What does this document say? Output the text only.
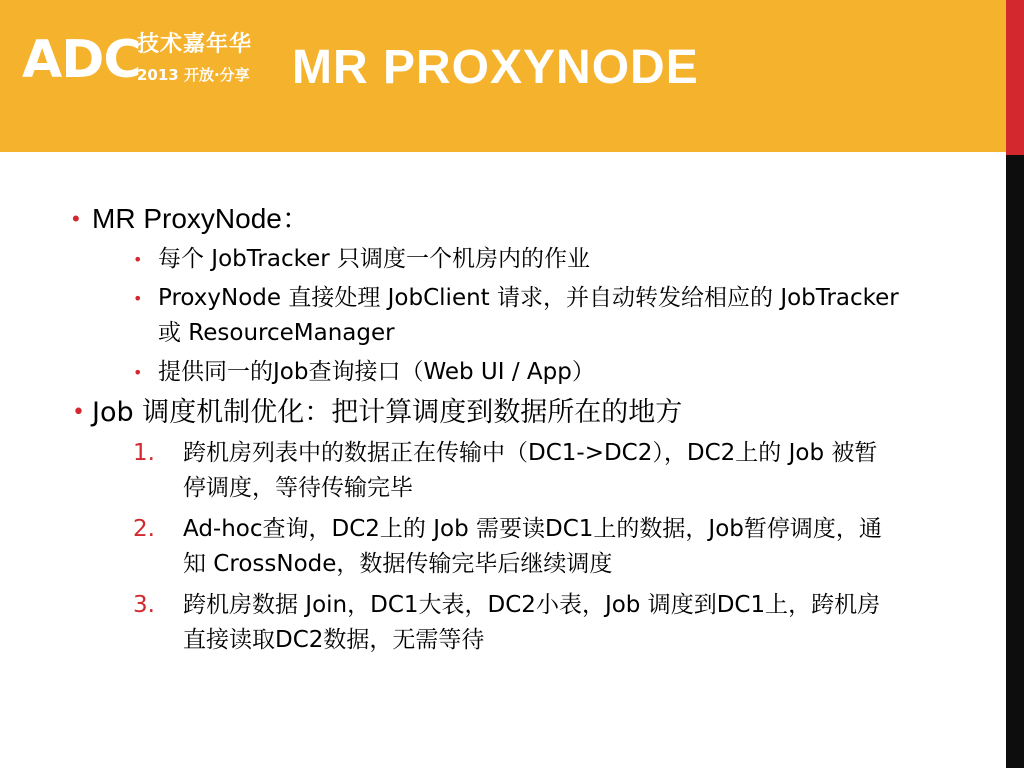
ADC
技术嘉年华
2013 开放·分享 MR PROXYNODE
• MR ProxyNode：
• 每个 JobTracker 只调度一个机房内的作业
• ProxyNode 直接处理 JobClient 请求，并自动转发给相应的 JobTracker 或 ResourceManager
• 提供同一的Job查询接口（Web UI / App）
• Job 调度机制优化：把计算调度到数据所在的地方
1. 跨机房列表中的数据正在传输中（DC1->DC2），DC2上的 Job 被暂停调度，等待传输完毕
2. Ad-hoc查询，DC2上的 Job 需要读DC1上的数据，Job暂停调度，通知 CrossNode，数据传输完毕后继续调度
3. 跨机房数据 Join，DC1大表，DC2小表，Job 调度到DC1上，跨机房直接读取DC2数据，无需等待
